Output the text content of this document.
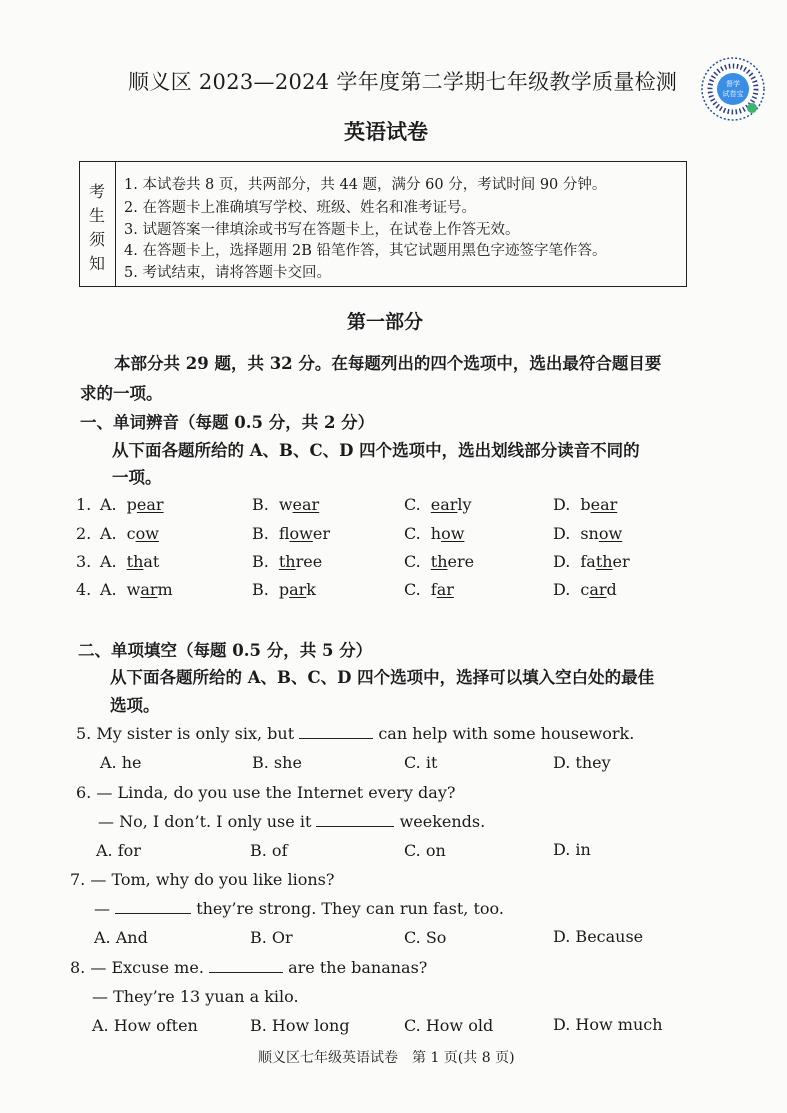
顺义区 2023—2024 学年度第二学期七年级教学质量检测
英语试卷
督学
试卷宝
考
生
须
知
1. 本试卷共 8 页，共两部分，共 44 题，满分 60 分，考试时间 90 分钟。
2. 在答题卡上准确填写学校、班级、姓名和准考证号。
3. 试题答案一律填涂或书写在答题卡上，在试卷上作答无效。
4. 在答题卡上，选择题用 2B 铅笔作答，其它试题用黑色字迹签字笔作答。
5. 考试结束，请将答题卡交回。
第一部分
本部分共 29 题，共 32 分。在每题列出的四个选项中，选出最符合题目要
求的一项。
一、单词辨音（每题 0.5 分，共 2 分）
从下面各题所给的 A、B、C、D 四个选项中，选出划线部分读音不同的
一项。
1. A. pear	B. wear	C. early	D. bear
2. A. cow	B. flower	C. how	D. snow
3. A. that	B. three	C. there	D. father
4. A. warm	B. park	C. far	D. card
二、单项填空（每题 0.5 分，共 5 分）
从下面各题所给的 A、B、C、D 四个选项中，选择可以填入空白处的最佳
选项。
5. My sister is only six, but	can help with some housework.
A. he	B. she	C. it	D. they
6. — Linda, do you use the Internet every day?
— No, I don’t. I only use it	weekends.
A. for	B. of	C. on	D. in
7. — Tom, why do you like lions?
—	they’re strong. They can run fast, too.
A. And	B. Or	C. So	D. Because
8. — Excuse me.	are the bananas?
— They’re 13 yuan a kilo.
A. How often	B. How long	C. How old	D. How much
顺义区七年级英语试卷　第 1 页(共 8 页)
